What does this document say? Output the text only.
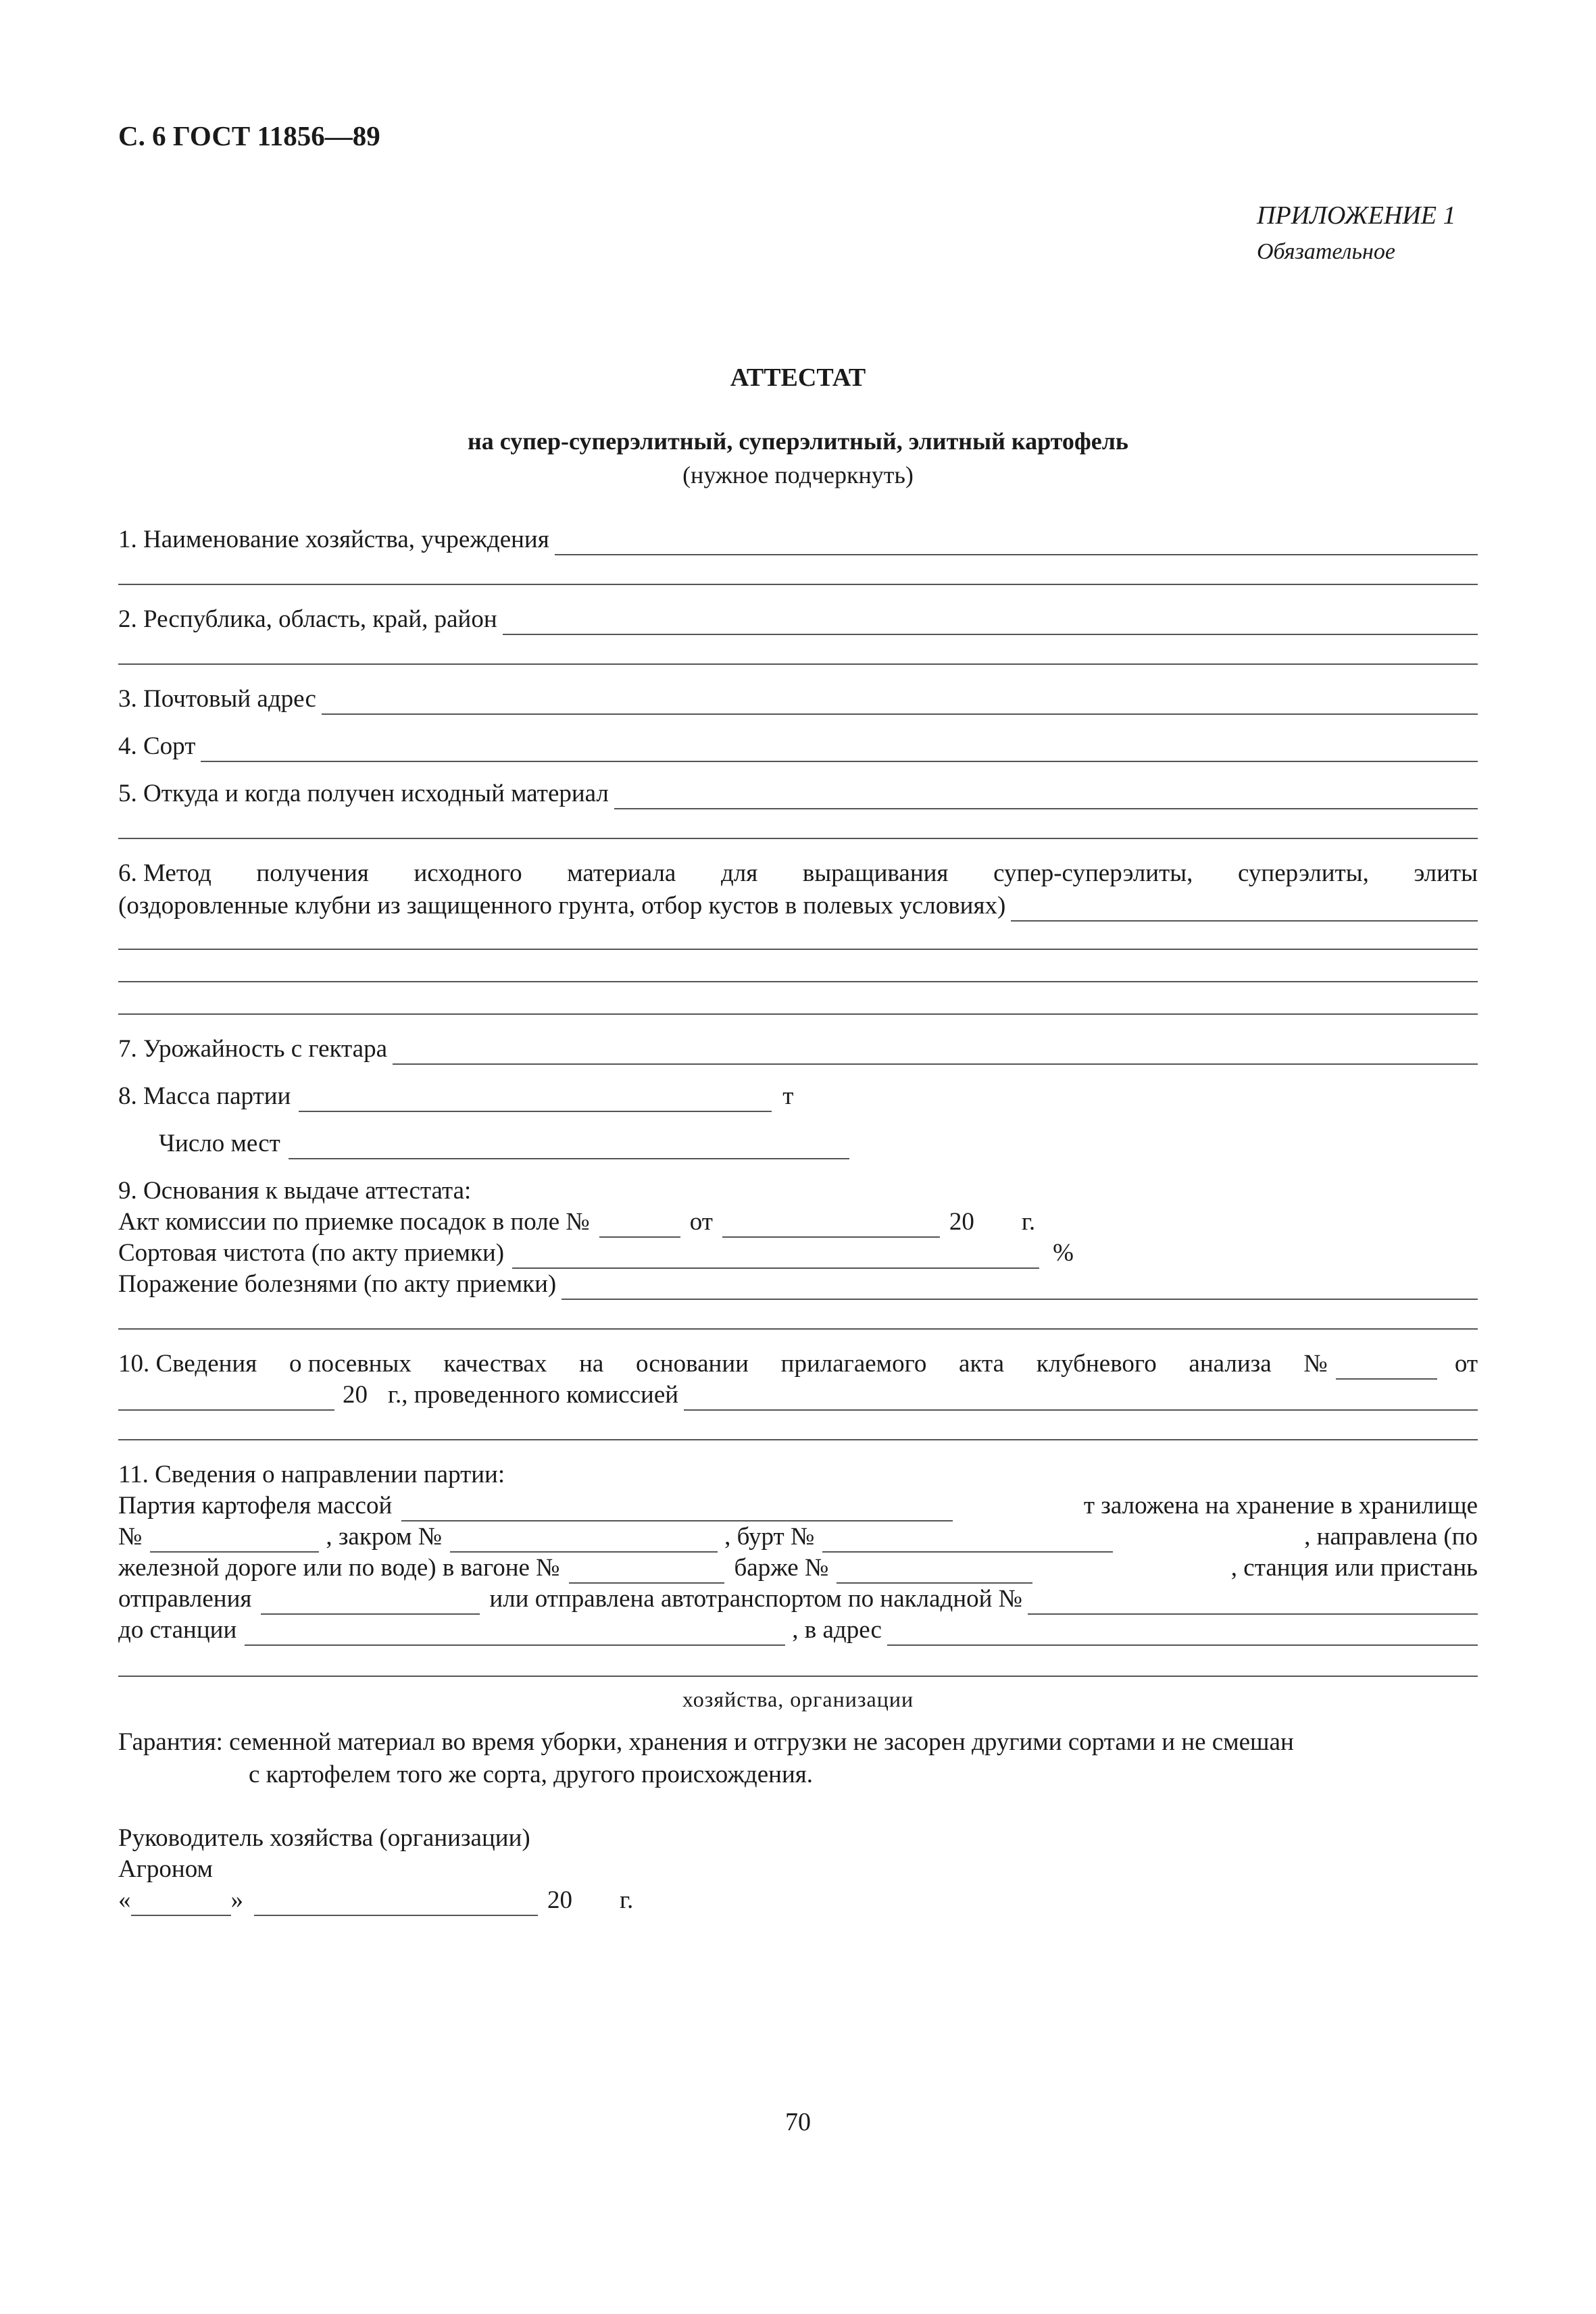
С. 6 ГОСТ 11856—89
ПРИЛОЖЕНИЕ 1
Обязательное
АТТЕСТАТ
на супер-суперэлитный, суперэлитный, элитный картофель
(нужное подчеркнуть)
1. Наименование хозяйства, учреждения
2. Республика, область, край, район
3. Почтовый адрес
4. Сорт
5. Откуда и когда получен исходный материал
6. Метод получения исходного материала для выращивания супер-суперэлиты, суперэлиты, элиты
(оздоровленные клубни из защищенного грунта, отбор кустов в полевых условиях)
7. Урожайность с гектара
8. Масса партии	т
Число мест
9. Основания к выдаче аттестата:
Акт комиссии по приемке посадок в поле №	от	20 г.
Сортовая чистота (по акту приемки)	%
Поражение болезнями (по акту приемки)
10. Сведения о посевных качествах на основании прилагаемого акта клубневого анализа №	от
20 г., проведенного комиссией
11. Сведения о направлении партии:
Партия картофеля массой	т заложена на хранение в хранилище
№	, закром №	, бурт №	, направлена (по
железной дороге или по воде) в вагоне №	барже №	, станция или пристань
отправления	или отправлена автотранспортом по накладной №
до станции	, в адрес
хозяйства, организации
Гарантия: семенной материал во время уборки, хранения и отгрузки не засорен другими сортами и не смешан
с картофелем того же сорта, другого происхождения.
Руководитель хозяйства (организации)
Агроном
«	»	20 г.
70
